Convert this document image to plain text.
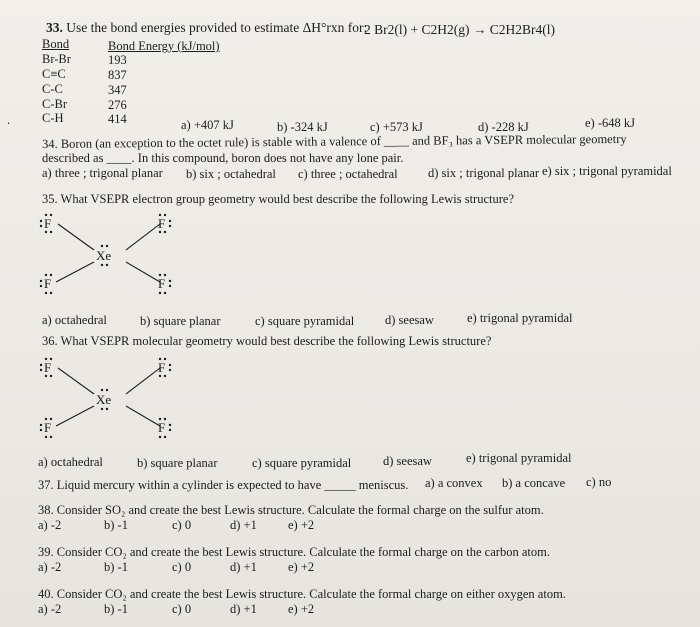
33. Use the bond energies provided to estimate ΔH°rxn for:
2 Br2(l) + C2H2(g) → C2H2Br4(l)
Bond	Bond Energy (kJ/mol)
Br-Br	193
C≡C	837
C-C	347
C-Br	276
C-H	414
.	a) +407 kJ	b) -324 kJ	c) +573 kJ	d) -228 kJ	e) -648 kJ
34. Boron (an exception to the octet rule) is stable with a valence of ____ and BF₃ has a VSEPR molecular geometry
described as ____. In this compound, boron does not have any lone pair.
a) three ; trigonal planar b) six ; octahedral c) three ; octahedral d) six ; trigonal planar e) six ; trigonal pyramidal
35. What VSEPR electron group geometry would best describe the following Lewis structure?
Xe
F	F
F	F
a) octahedral	b) square planar	c) square pyramidal d) seesaw	e) trigonal pyramidal
36. What VSEPR molecular geometry would best describe the following Lewis structure?
Xe
F	F
F	F
a) octahedral	b) square planar	c) square pyramidal	d) seesaw	e) trigonal pyramidal
37. Liquid mercury within a cylinder is expected to have _____ meniscus. a) a convex b) a concave c) no
38. Consider SO₂ and create the best Lewis structure. Calculate the formal charge on the sulfur atom.
a) -2	b) -1	c) 0	d) +1 e) +2
39. Consider CO₂ and create the best Lewis structure. Calculate the formal charge on the carbon atom.
a) -2	b) -1	c) 0	d) +1 e) +2
40. Consider CO₂ and create the best Lewis structure. Calculate the formal charge on either oxygen atom.
a) -2	b) -1	c) 0	d) +1 e) +2
